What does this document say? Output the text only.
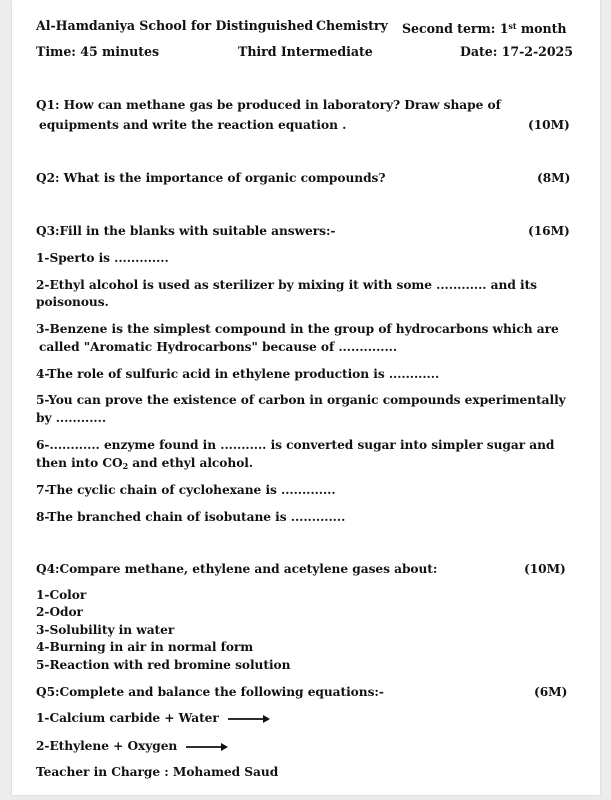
Al-Hamdaniya School for Distinguished Chemistry Second term: 1st month
Time: 45 minutes	Third Intermediate	Date: 17-2-2025
Q1: How can methane gas be produced in laboratory? Draw shape of
equipments and write the reaction equation .	(10M)
Q2: What is the importance of organic compounds?	(8M)
Q3:Fill in the blanks with suitable answers:-	(16M)
1-Sperto is .............
2-Ethyl alcohol is used as sterilizer by mixing it with some ............ and its
poisonous.
3-Benzene is the simplest compound in the group of hydrocarbons which are
called "Aromatic Hydrocarbons" because of ..............
4-The role of sulfuric acid in ethylene production is ............
5-You can prove the existence of carbon in organic compounds experimentally
by ............
6-............ enzyme found in ........... is converted sugar into simpler sugar and
then into $CO_2$ and ethyl alcohol.
7-The cyclic chain of cyclohexane is .............
8-The branched chain of isobutane is .............
Q4:Compare methane, ethylene and acetylene gases about:	(10M)
1-Color
2-Odor
3-Solubility in water
4-Burning in air in normal form
5-Reaction with red bromine solution
Q5:Complete and balance the following equations:-	(6M)
1-Calcium carbide + Water
2-Ethylene + Oxygen
Teacher in Charge : Mohamed Saud
